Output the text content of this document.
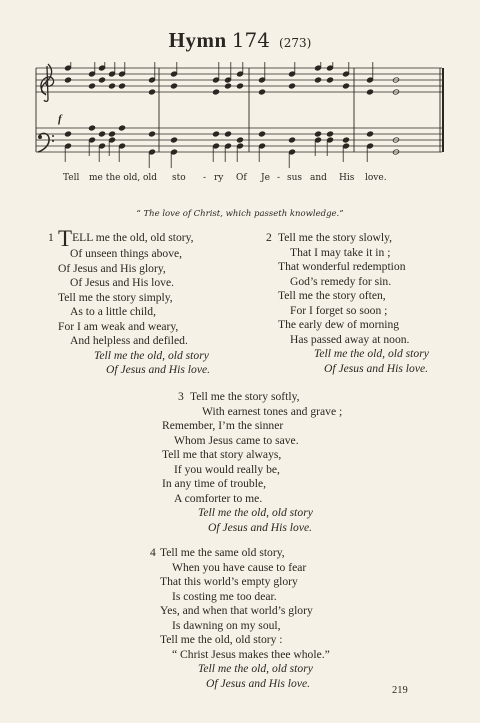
Hymn 174 (273)
f
Tell me the old, old sto - ry Of Je - sus and His love.
“ The love of Christ, which passeth knowledge.”
1 TELL me the old, old story,
Of unseen things above,
Of Jesus and His glory,
Of Jesus and His love.
Tell me the story simply,
As to a little child,
For I am weak and weary,
And helpless and defiled.
Tell me the old, old story
Of Jesus and His love.
2 Tell me the story slowly,
That I may take it in ;
That wonderful redemption
God’s remedy for sin.
Tell me the story often,
For I forget so soon ;
The early dew of morning
Has passed away at noon.
Tell me the old, old story
Of Jesus and His love.
3 Tell me the story softly,
With earnest tones and grave ;
Remember, I’m the sinner
Whom Jesus came to save.
Tell me that story always,
If you would really be,
In any time of trouble,
A comforter to me.
Tell me the old, old story
Of Jesus and His love.
4 Tell me the same old story,
When you have cause to fear
That this world’s empty glory
Is costing me too dear.
Yes, and when that world’s glory
Is dawning on my soul,
Tell me the old, old story :
“ Christ Jesus makes thee whole.”
Tell me the old, old story
Of Jesus and His love.
219
